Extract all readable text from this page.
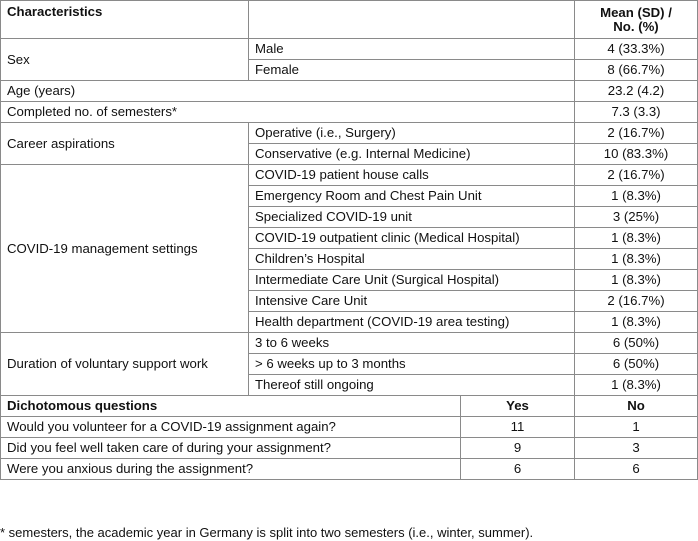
Characteristics			Mean (SD) /
No. (%)
Sex	Male		4 (33.3%)
	Female		8 (66.7%)
Age (years)			23.2 (4.2)
Completed no. of semesters*			7.3 (3.3)
Career aspirations	Operative (i.e., Surgery)		2 (16.7%)
	Conservative (e.g. Internal Medicine)		10 (83.3%)
COVID-19 management settings	COVID-19 patient house calls		2 (16.7%)
	Emergency Room and Chest Pain Unit		1 (8.3%)
	Specialized COVID-19 unit		3 (25%)
	COVID-19 outpatient clinic (Medical Hospital)		1 (8.3%)
	Children’s Hospital		1 (8.3%)
	Intermediate Care Unit (Surgical Hospital)		1 (8.3%)
	Intensive Care Unit		2 (16.7%)
	Health department (COVID-19 area testing)		1 (8.3%)
Duration of voluntary support work	3 to 6 weeks		6 (50%)
	> 6 weeks up to 3 months		6 (50%)
	Thereof still ongoing		1 (8.3%)
Dichotomous questions		Yes	No
Would you volunteer for a COVID-19 assignment again?		11	1
Did you feel well taken care of during your assignment?		9	3
Were you anxious during the assignment?		6	6
* semesters, the academic year in Germany is split into two semesters (i.e., winter, summer).
